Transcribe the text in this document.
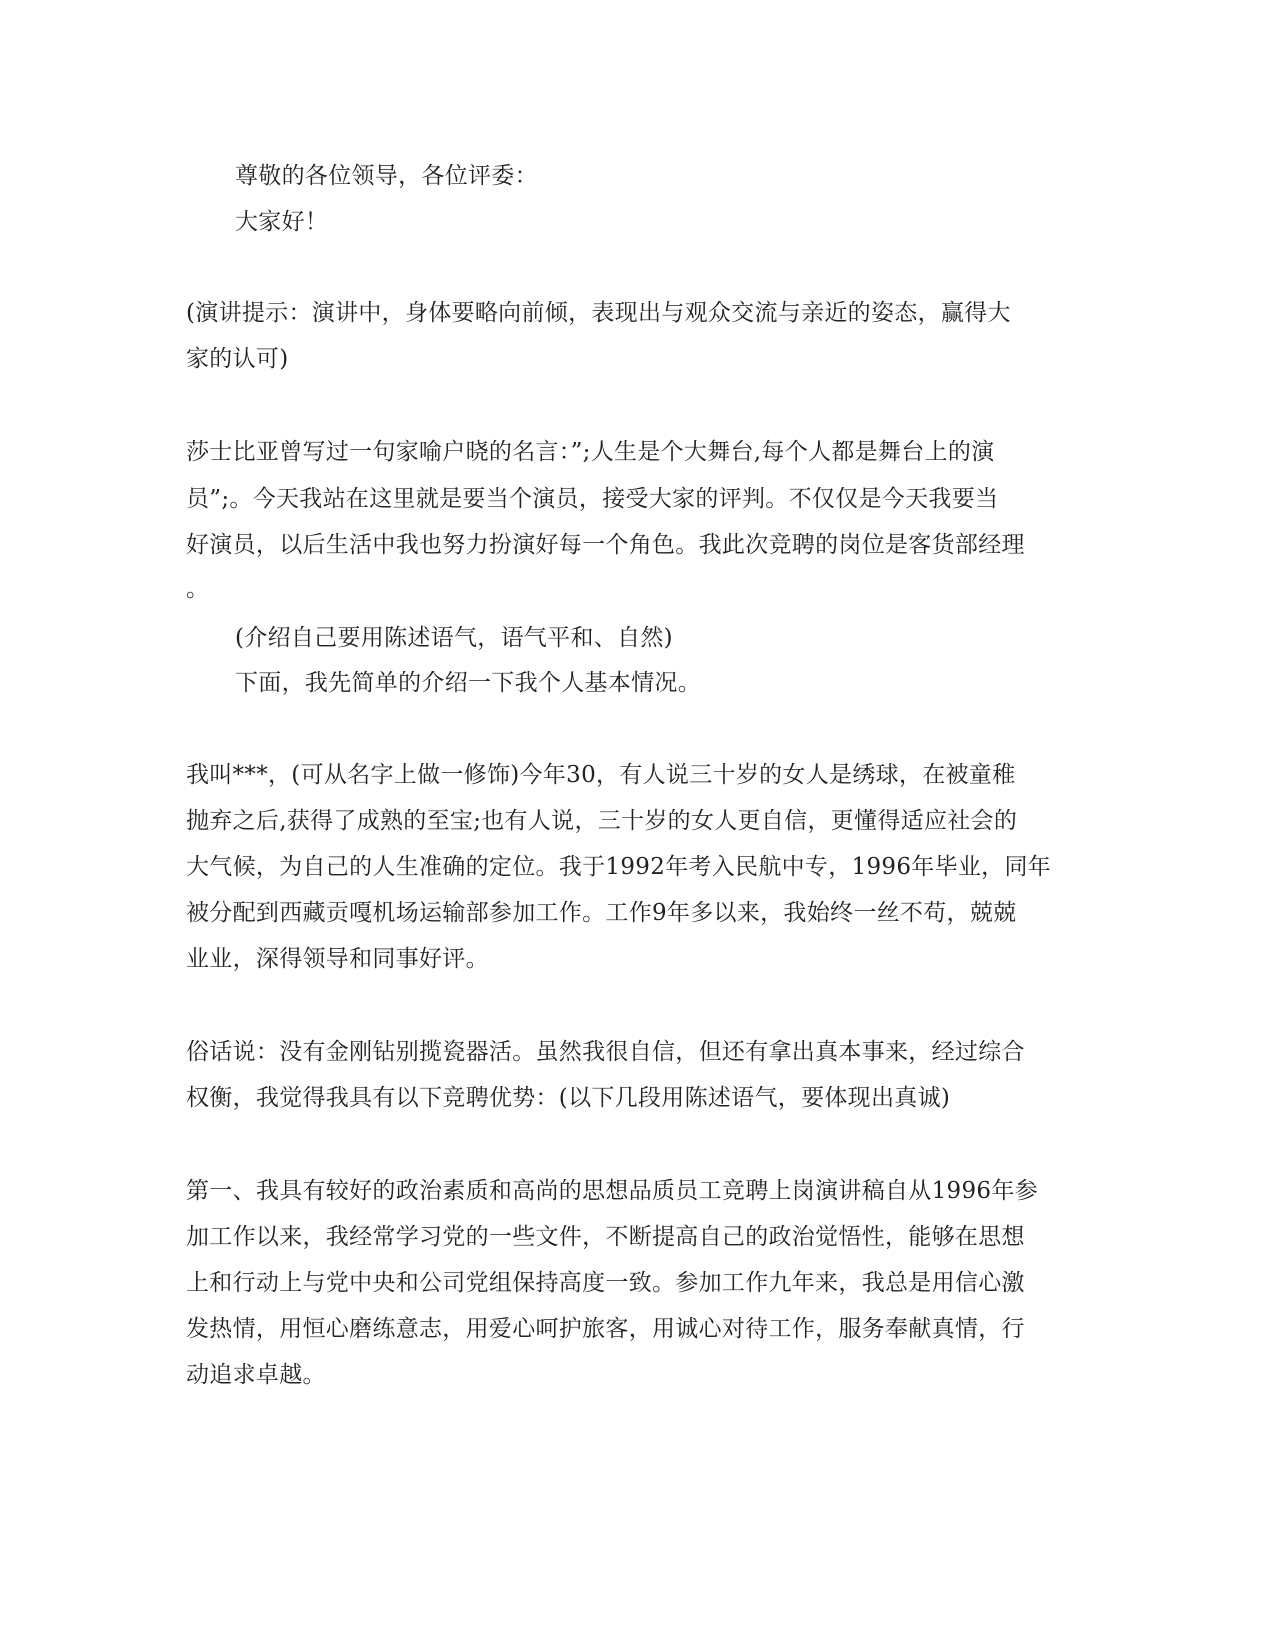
尊敬的各位领导，各位评委：
大家好！
(演讲提示：演讲中，身体要略向前倾，表现出与观众交流与亲近的姿态，赢得大
家的认可)
莎士比亚曾写过一句家喻户晓的名言：”;人生是个大舞台,每个人都是舞台上的演
员”;。今天我站在这里就是要当个演员，接受大家的评判。不仅仅是今天我要当
好演员，以后生活中我也努力扮演好每一个角色。我此次竞聘的岗位是客货部经理
。
(介绍自己要用陈述语气，语气平和、自然)
下面，我先简单的介绍一下我个人基本情况。
我叫***，(可从名字上做一修饰)今年30，有人说三十岁的女人是绣球，在被童稚
抛弃之后,获得了成熟的至宝;也有人说，三十岁的女人更自信，更懂得适应社会的
大气候，为自己的人生准确的定位。我于1992年考入民航中专，1996年毕业，同年
被分配到西藏贡嘎机场运输部参加工作。工作9年多以来，我始终一丝不苟，兢兢
业业，深得领导和同事好评。
俗话说：没有金刚钻别揽瓷器活。虽然我很自信，但还有拿出真本事来，经过综合
权衡，我觉得我具有以下竞聘优势：(以下几段用陈述语气，要体现出真诚)
第一、我具有较好的政治素质和高尚的思想品质员工竞聘上岗演讲稿自从1996年参
加工作以来，我经常学习党的一些文件，不断提高自己的政治觉悟性，能够在思想
上和行动上与党中央和公司党组保持高度一致。参加工作九年来，我总是用信心激
发热情，用恒心磨练意志，用爱心呵护旅客，用诚心对待工作，服务奉献真情，行
动追求卓越。
